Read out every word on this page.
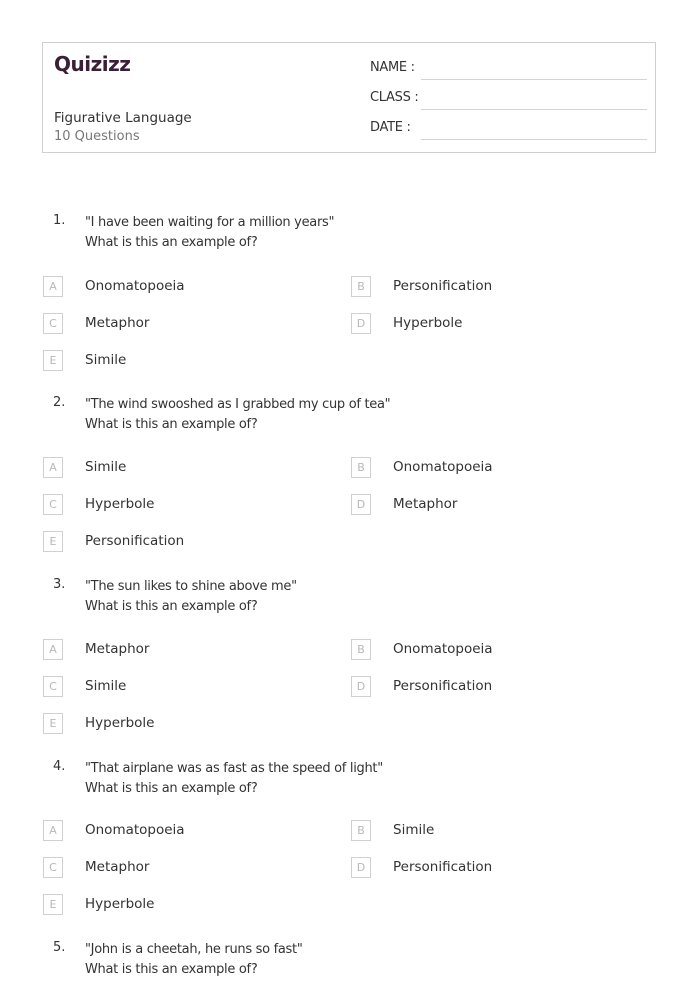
Quizizz
Figurative Language
10 Questions
NAME :
CLASS :
DATE :
1. "I have been waiting for a million years"
What is this an example of?
A	Onomatopoeia	B	Personification
C	Metaphor	D	Hyperbole
E	Simile
2. "The wind swooshed as I grabbed my cup of tea"
What is this an example of?
A	Simile	B	Onomatopoeia
C	Hyperbole	D	Metaphor
E	Personification
3. "The sun likes to shine above me"
What is this an example of?
A	Metaphor	B	Onomatopoeia
C	Simile	D	Personification
E	Hyperbole
4. "That airplane was as fast as the speed of light"
What is this an example of?
A	Onomatopoeia	B	Simile
C	Metaphor	D	Personification
E	Hyperbole
5. "John is a cheetah, he runs so fast"
What is this an example of?
